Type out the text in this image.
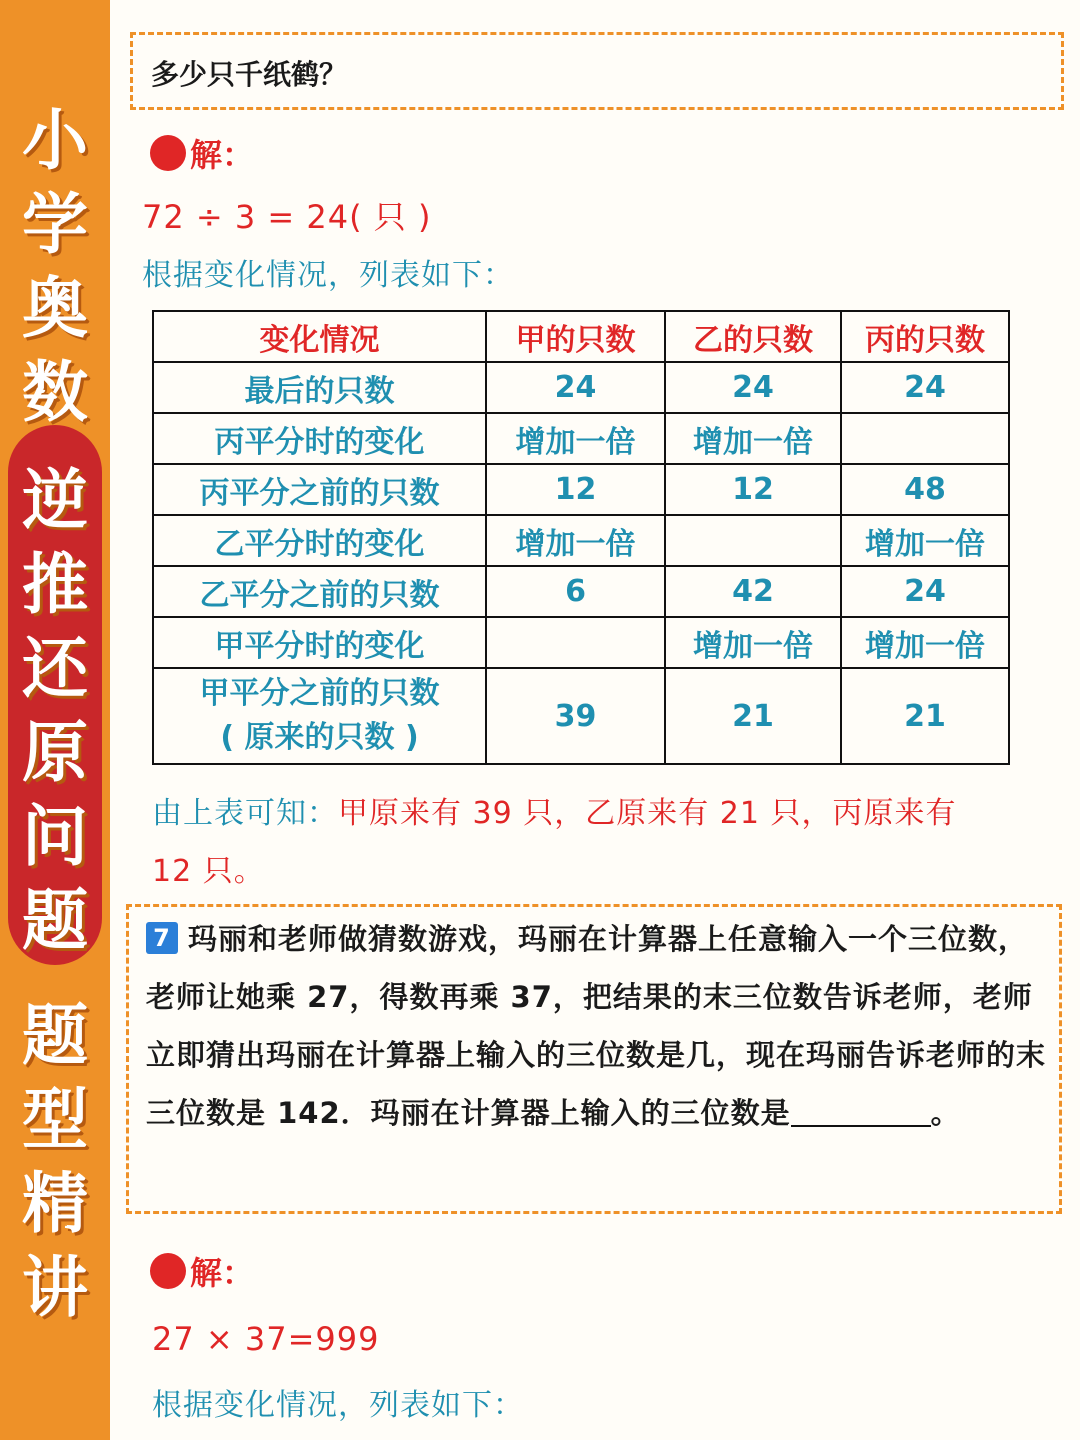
小
学
奥
数
逆
推
还
原
问
题
题
型
精
讲
多少只千纸鹤？
解：
72 ÷ 3 = 24( 只 )
根据变化情况，列表如下：
变化情况	甲的只数	乙的只数	丙的只数
最后的只数	24	24	24
丙平分时的变化	增加一倍	增加一倍	
丙平分之前的只数	12	12	48
乙平分时的变化	增加一倍		增加一倍
乙平分之前的只数	6	42	24
甲平分时的变化		增加一倍	增加一倍

甲平分之前的只数
( 原来的只数 )	39	21	21
由上表可知：甲原来有 39 只，乙原来有 21 只，丙原来有
12 只。
7 玛丽和老师做猜数游戏，玛丽在计算器上任意输入一个三位数，老师让她乘 27，得数再乘 37，把结果的末三位数告诉老师，老师立即猜出玛丽在计算器上输入的三位数是几，现在玛丽告诉老师的末三位数是 142．玛丽在计算器上输入的三位数是	。
解：
27 × 37=999
根据变化情况，列表如下：
